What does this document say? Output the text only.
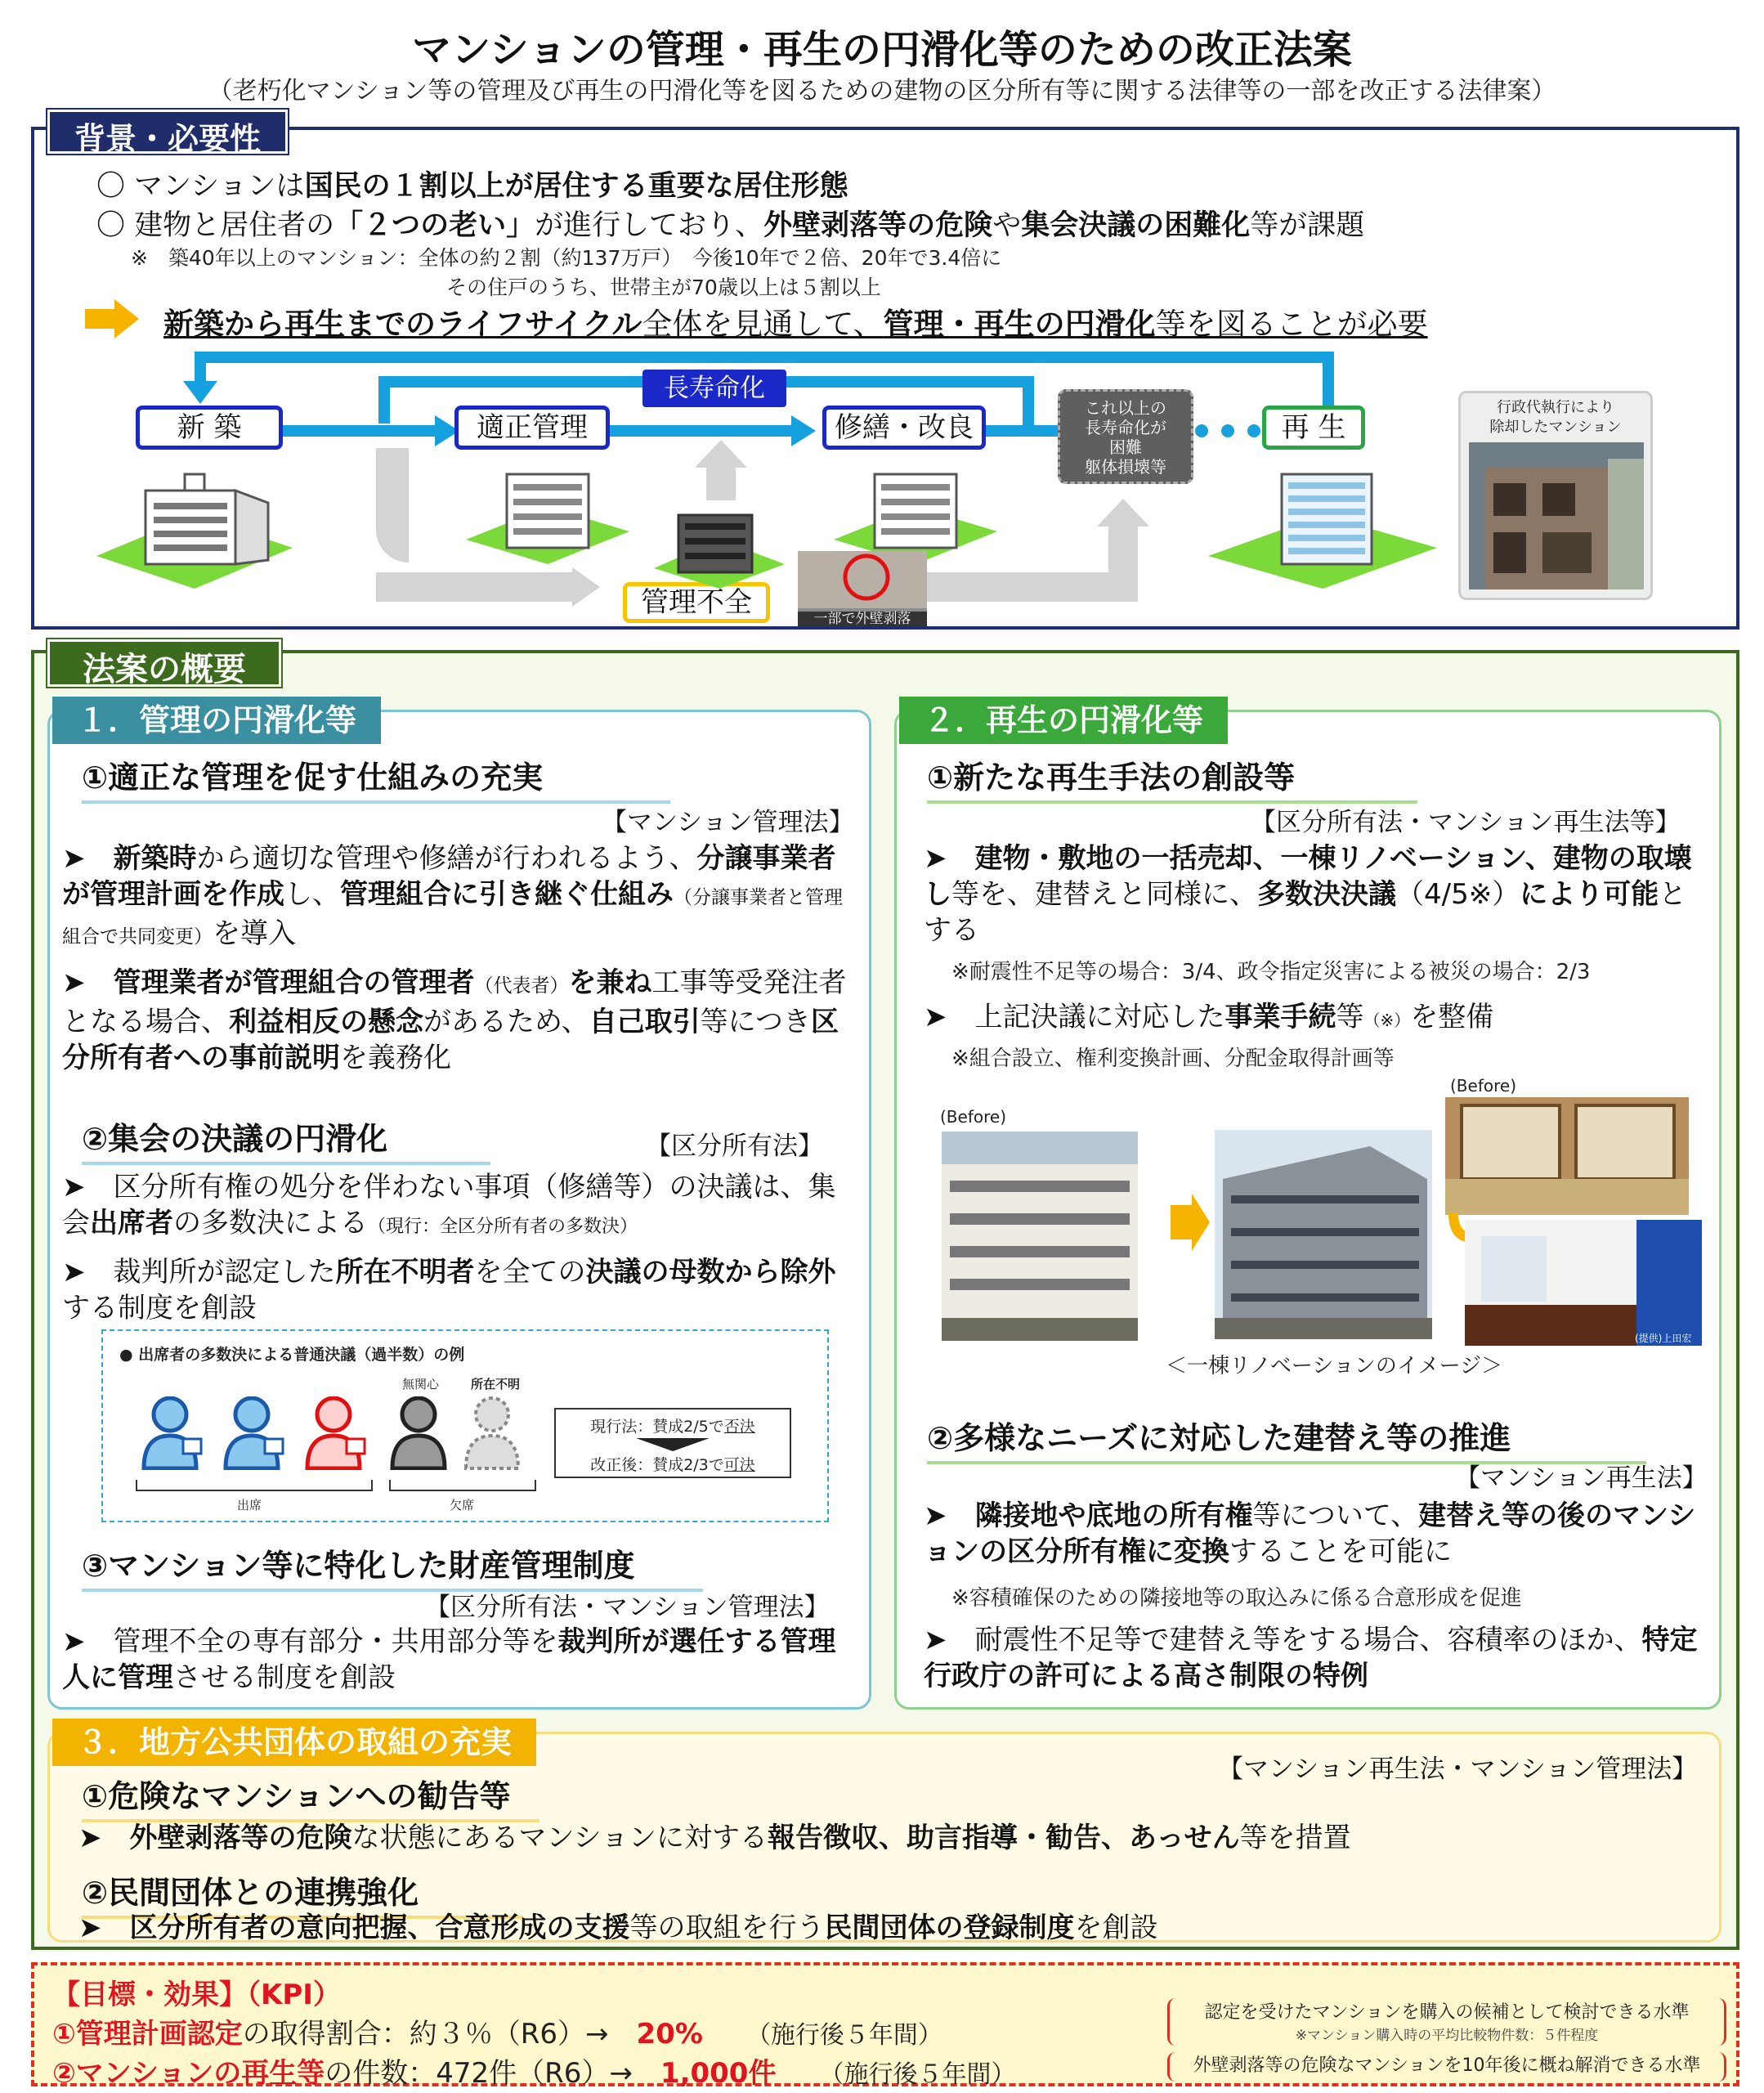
マンションの管理・再生の円滑化等のための改正法案
（老朽化マンション等の管理及び再生の円滑化等を図るための建物の区分所有等に関する法律等の一部を改正する法律案）
背景・必要性
〇 マンションは国民の１割以上が居住する重要な居住形態
〇 建物と居住者の「２つの老い」が進行しており、外壁剥落等の危険や集会決議の困難化等が課題
※　築40年以上のマンション：全体の約２割（約137万戸）　今後10年で２倍、20年で3.4倍に
その住戸のうち、世帯主が70歳以上は５割以上
新築から再生までのライフサイクル全体を見通して、管理・再生の円滑化等を図ることが必要
長寿命化
新 築	適正管理	修繕・改良	再 生
管理不全
これ以上の
長寿命化が
困難
躯体損壊等
一部で外壁剥落
行政代執行により
除却したマンション
法案の概要
１．管理の円滑化等
①適正な管理を促す仕組みの充実
【マンション管理法】
➤　新築時から適切な管理や修繕が行われるよう、分譲事業者が管理計画を作成し、管理組合に引き継ぐ仕組み（分譲事業者と管理組合で共同変更）を導入
➤　管理業者が管理組合の管理者（代表者）を兼ね工事等受発注者となる場合、利益相反の懸念があるため、自己取引等につき区分所有者への事前説明を義務化
②集会の決議の円滑化	【区分所有法】
➤　区分所有権の処分を伴わない事項（修繕等）の決議は、集会出席者の多数決による（現行：全区分所有者の多数決）
➤　裁判所が認定した所在不明者を全ての決議の母数から除外する制度を創設
● 出席者の多数決による普通決議（過半数）の例
無関心	所在不明
出席	欠席
現行法：賛成2/5で否決
改正後：賛成2/3で可決
③マンション等に特化した財産管理制度
【区分所有法・マンション管理法】
➤　管理不全の専有部分・共用部分等を裁判所が選任する管理人に管理させる制度を創設
２．再生の円滑化等
①新たな再生手法の創設等
【区分所有法・マンション再生法等】
➤　建物・敷地の一括売却、一棟リノベーション、建物の取壊し等を、建替えと同様に、多数決決議（4/5※）により可能とする
※耐震性不足等の場合：3/4、政令指定災害による被災の場合：2/3
➤　上記決議に対応した事業手続等（※）を整備
※組合設立、権利変換計画、分配金取得計画等
(Before)
(Before)
(提供)上田宏
＜一棟リノベーションのイメージ＞
②多様なニーズに対応した建替え等の推進
【マンション再生法】
➤　隣接地や底地の所有権等について、建替え等の後のマンションの区分所有権に変換することを可能に
※容積確保のための隣接地等の取込みに係る合意形成を促進
➤　耐震性不足等で建替え等をする場合、容積率のほか、特定行政庁の許可による高さ制限の特例
３．地方公共団体の取組の充実
【マンション再生法・マンション管理法】
①危険なマンションへの勧告等
➤　外壁剥落等の危険な状態にあるマンションに対する報告徴収、助言指導・勧告、あっせん等を措置
②民間団体との連携強化
➤　区分所有者の意向把握、合意形成の支援等の取組を行う民間団体の登録制度を創設
【目標・効果】（KPI）
①管理計画認定の取得割合：約３％（R6）→　 20%　　 （施行後５年間）
②マンションの再生等の件数：472件（R6）→　 1,000件　　 （施行後５年間）
認定を受けたマンションを購入の候補として検討できる水準
※マンション購入時の平均比較物件数：５件程度
外壁剥落等の危険なマンションを10年後に概ね解消できる水準
